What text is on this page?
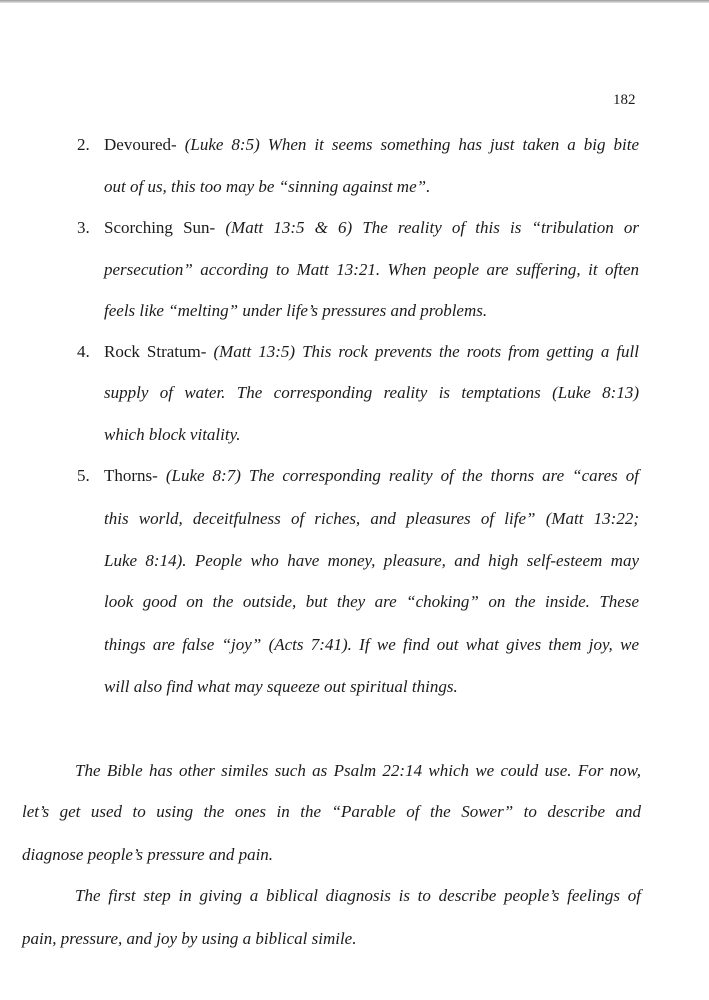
182
2. Devoured- (Luke 8:5) When it seems something has just taken a big bite
out of us, this too may be “sinning against me”.
3. Scorching Sun- (Matt 13:5 & 6) The reality of this is “tribulation or
persecution” according to Matt 13:21. When people are suffering, it often
feels like “melting” under life’s pressures and problems.
4. Rock Stratum- (Matt 13:5) This rock prevents the roots from getting a full
supply of water. The corresponding reality is temptations (Luke 8:13)
which block vitality.
5. Thorns- (Luke 8:7) The corresponding reality of the thorns are “cares of
this world, deceitfulness of riches, and pleasures of life” (Matt 13:22;
Luke 8:14). People who have money, pleasure, and high self-esteem may
look good on the outside, but they are “choking” on the inside. These
things are false “joy” (Acts 7:41). If we find out what gives them joy, we
will also find what may squeeze out spiritual things.
The Bible has other similes such as Psalm 22:14 which we could use. For now,
let’s get used to using the ones in the “Parable of the Sower” to describe and
diagnose people’s pressure and pain.
The first step in giving a biblical diagnosis is to describe people’s feelings of
pain, pressure, and joy by using a biblical simile.
